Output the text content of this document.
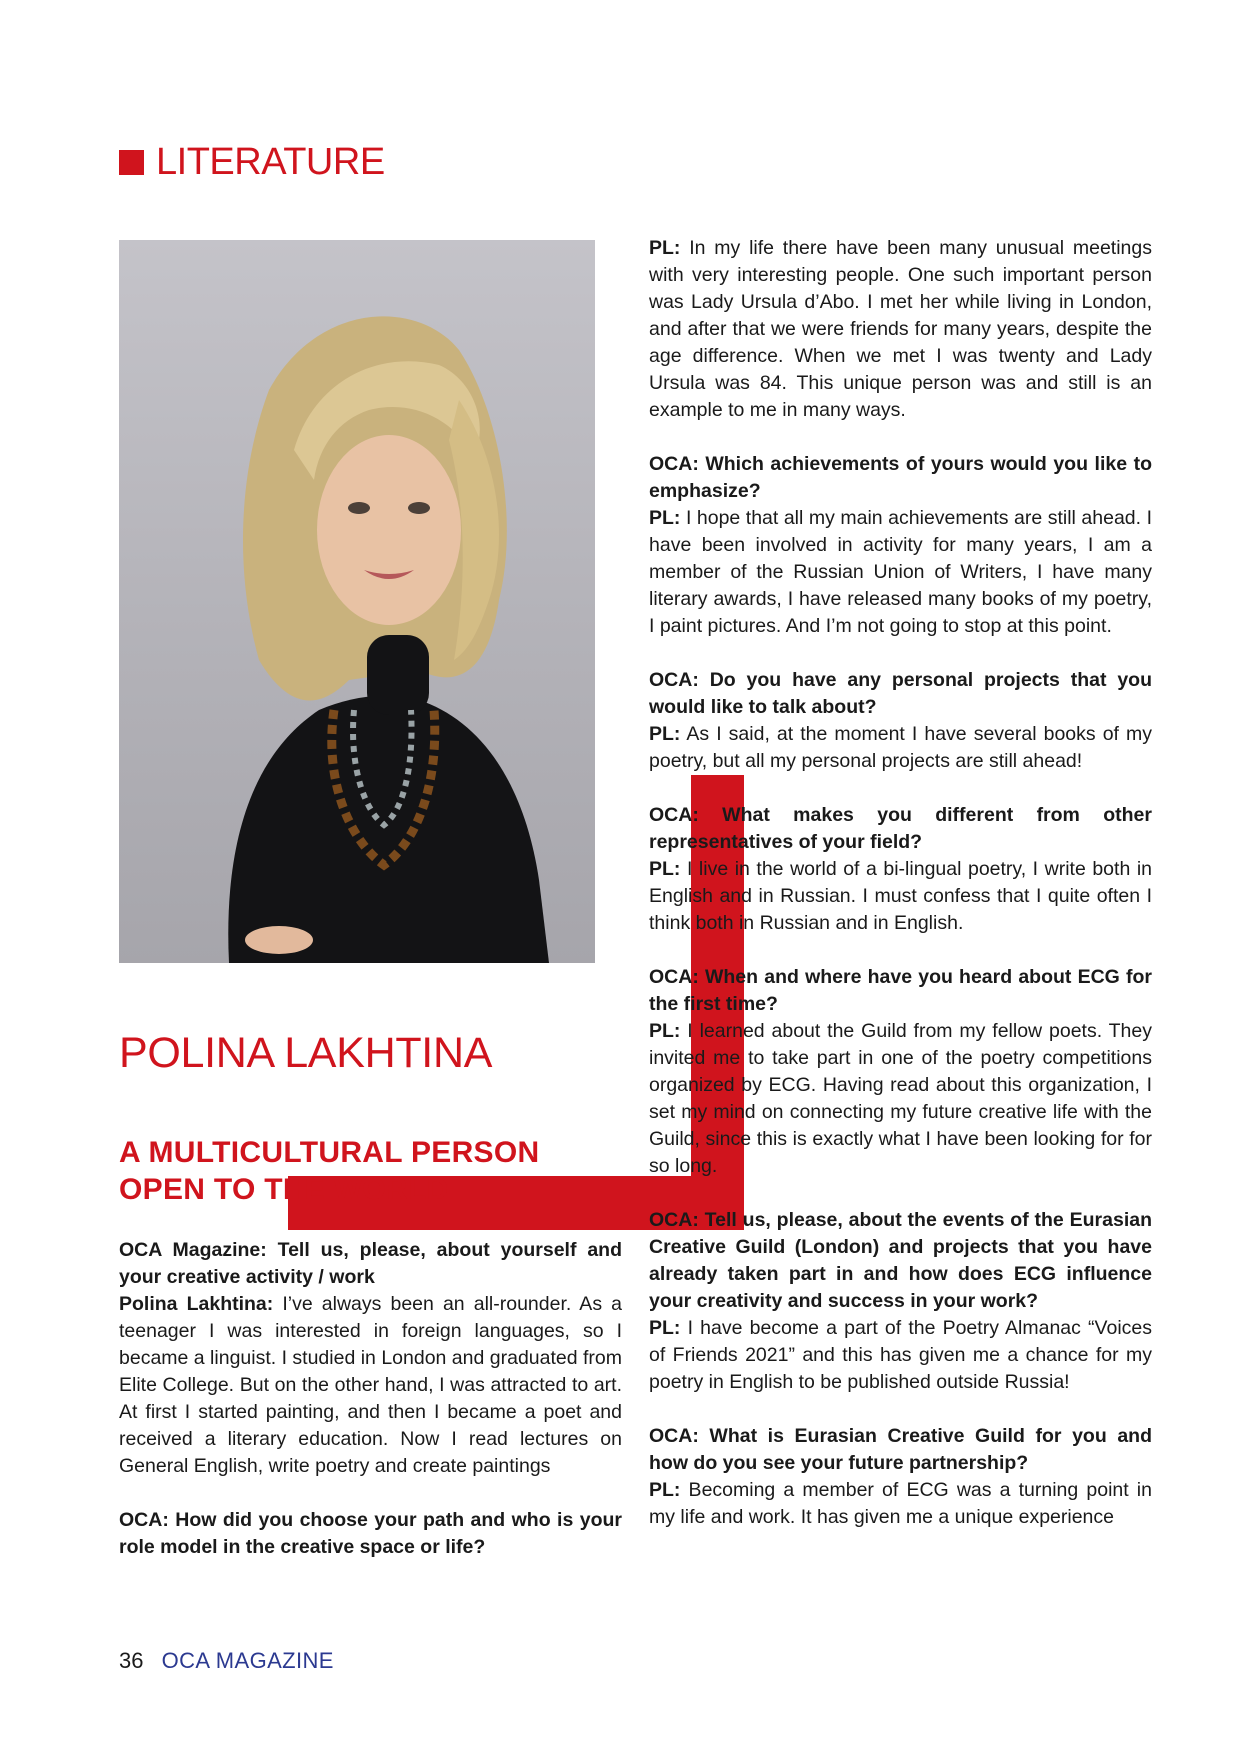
LITERATURE
POLINA LAKHTINA
A MULTICULTURAL PERSON
OPEN TO THE WORLD

OCA Magazine: Tell us, please, about yourself and your creative activity / work

Polina Lakhtina: I’ve always been an all-rounder. As a teenager I was interested in foreign languages, so I became a linguist. I studied in London and graduated from Elite College. But on the other hand, I was attracted to art. At first I started painting, and then I became a poet and received a literary education. Now I read lectures on General English, write poetry and create paintings

OCA: How did you choose your path and who is your role model in the creative space or life?

PL: In my life there have been many unusual meetings with very interesting people. One such important person was Lady Ursula d’Abo. I met her while living in London, and after that we were friends for many years, despite the age difference. When we met I was twenty and Lady Ursula was 84. This unique person was and still is an example to me in many ways.

OCA: Which achievements of yours would you like to emphasize?

PL: I hope that all my main achievements are still ahead. I have been involved in activity for many years, I am a member of the Russian Union of Writers, I have many literary awards, I have released many books of my poetry, I paint pictures. And I’m not going to stop at this point.

OCA: Do you have any personal projects that you would like to talk about?

PL: As I said, at the moment I have several books of my poetry, but all my personal projects are still ahead!

OCA: What makes you different from other representatives of your field?

PL: I live in the world of a bi-lingual poetry, I write both in English and in Russian. I must confess that I quite often I think both in Russian and in English.

OCA: When and where have you heard about ECG for the first time?

PL: I learned about the Guild from my fellow poets. They invited me to take part in one of the poetry competitions organized by ECG. Having read about this organization, I set my mind on connecting my future creative life with the Guild, since this is exactly what I have been looking for for so long.

OCA: Tell us, please, about the events of the Eurasian Creative Guild (London) and projects that you have already taken part in and how does ECG influence your creativity and success in your work?

PL: I have become a part of the Poetry Almanac “Voices of Friends 2021” and this has given me a chance for my poetry in English to be published outside Russia!

OCA: What is Eurasian Creative Guild for you and how do you see your future partnership?

PL: Becoming a member of ECG was a turning point in my life and work. It has given me a unique experience

36 OCA MAGAZINE
